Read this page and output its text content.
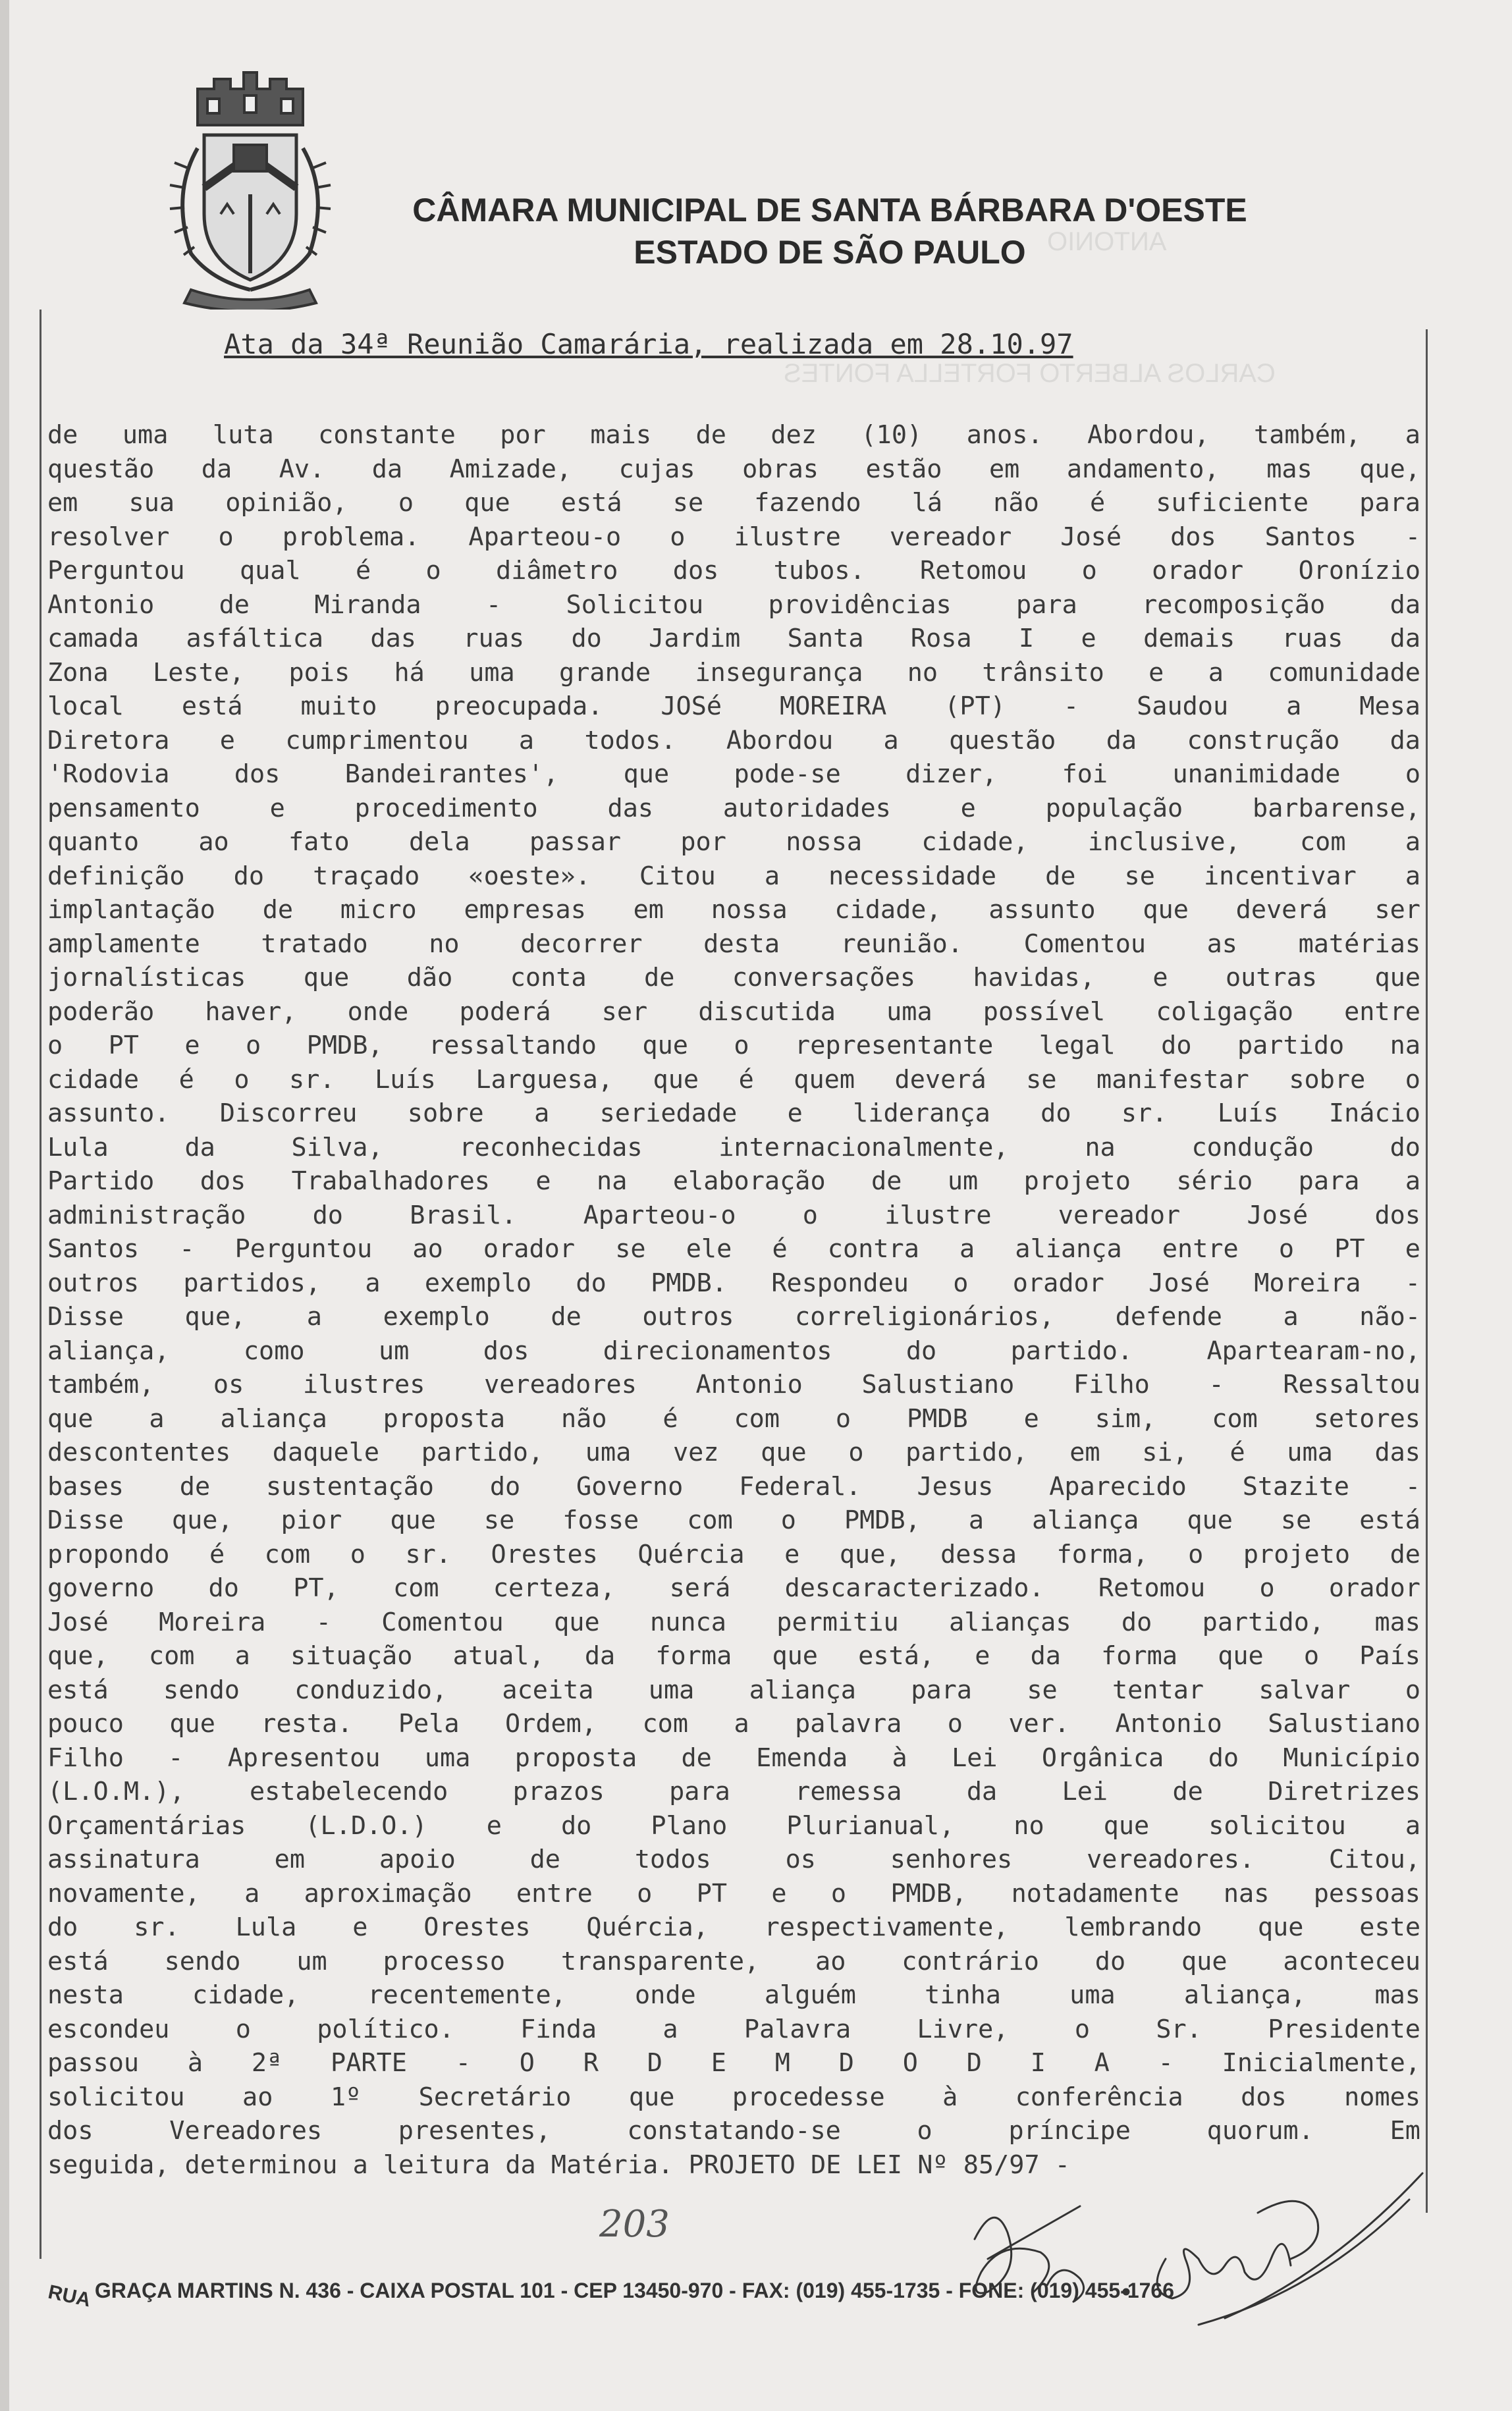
ANTONIO
CARLOS ALBERTO FORTELLA FONTES
CÂMARA MUNICIPAL DE SANTA BÁRBARA D'OESTE
ESTADO DE SÃO PAULO
Ata da 34ª Reunião Camarária, realizada em 28.10.97
de uma luta constante por mais de dez (10) anos. Abordou, também, a
questão da Av. da Amizade, cujas obras estão em andamento, mas que,
em sua opinião, o que está se fazendo lá não é suficiente para
resolver o problema. Aparteou-o o ilustre vereador José dos Santos -
Perguntou qual é o diâmetro dos tubos. Retomou o orador Oronízio
Antonio de Miranda - Solicitou providências para recomposição da
camada asfáltica das ruas do Jardim Santa Rosa I e demais ruas da
Zona Leste, pois há uma grande insegurança no trânsito e a comunidade
local está muito preocupada. JOSé MOREIRA (PT) - Saudou a Mesa
Diretora e cumprimentou a todos. Abordou a questão da construção da
'Rodovia dos Bandeirantes', que pode-se dizer, foi unanimidade o
pensamento e procedimento das autoridades e população barbarense,
quanto ao fato dela passar por nossa cidade, inclusive, com a
definição do traçado «oeste». Citou a necessidade de se incentivar a
implantação de micro empresas em nossa cidade, assunto que deverá ser
amplamente tratado no decorrer desta reunião. Comentou as matérias
jornalísticas que dão conta de conversações havidas, e outras que
poderão haver, onde poderá ser discutida uma possível coligação entre
o PT e o PMDB, ressaltando que o representante legal do partido na
cidade é o sr. Luís Larguesa, que é quem deverá se manifestar sobre o
assunto. Discorreu sobre a seriedade e liderança do sr. Luís Inácio
Lula da Silva, reconhecidas internacionalmente, na condução do
Partido dos Trabalhadores e na elaboração de um projeto sério para a
administração do Brasil. Aparteou-o o ilustre vereador José dos
Santos - Perguntou ao orador se ele é contra a aliança entre o PT e
outros partidos, a exemplo do PMDB. Respondeu o orador José Moreira -
Disse que, a exemplo de outros correligionários, defende a não-
aliança, como um dos direcionamentos do partido. Apartearam-no,
também, os ilustres vereadores Antonio Salustiano Filho - Ressaltou
que a aliança proposta não é com o PMDB e sim, com setores
descontentes daquele partido, uma vez que o partido, em si, é uma das
bases de sustentação do Governo Federal. Jesus Aparecido Stazite -
Disse que, pior que se fosse com o PMDB, a aliança que se está
propondo é com o sr. Orestes Quércia e que, dessa forma, o projeto de
governo do PT, com certeza, será descaracterizado. Retomou o orador
José Moreira - Comentou que nunca permitiu alianças do partido, mas
que, com a situação atual, da forma que está, e da forma que o País
está sendo conduzido, aceita uma aliança para se tentar salvar o
pouco que resta. Pela Ordem, com a palavra o ver. Antonio Salustiano
Filho - Apresentou uma proposta de Emenda à Lei Orgânica do Município
(L.O.M.), estabelecendo prazos para remessa da Lei de Diretrizes
Orçamentárias (L.D.O.) e do Plano Plurianual, no que solicitou a
assinatura em apoio de todos os senhores vereadores. Citou,
novamente, a aproximação entre o PT e o PMDB, notadamente nas pessoas
do sr. Lula e Orestes Quércia, respectivamente, lembrando que este
está sendo um processo transparente, ao contrário do que aconteceu
nesta cidade, recentemente, onde alguém tinha uma aliança, mas
escondeu o político. Finda a Palavra Livre, o Sr. Presidente
passou à 2ª PARTE - O R D E M D O D I A - Inicialmente,
solicitou ao 1º Secretário que procedesse à conferência dos nomes
dos Vereadores presentes, constatando-se o príncipe quorum. Em
seguida, determinou a leitura da Matéria. PROJETO DE LEI Nº 85/97 -
203
RUA GRAÇA MARTINS N. 436 - CAIXA POSTAL 101 - CEP 13450-970 - FAX: (019) 455-1735 - FONE: (019) 455-1766
